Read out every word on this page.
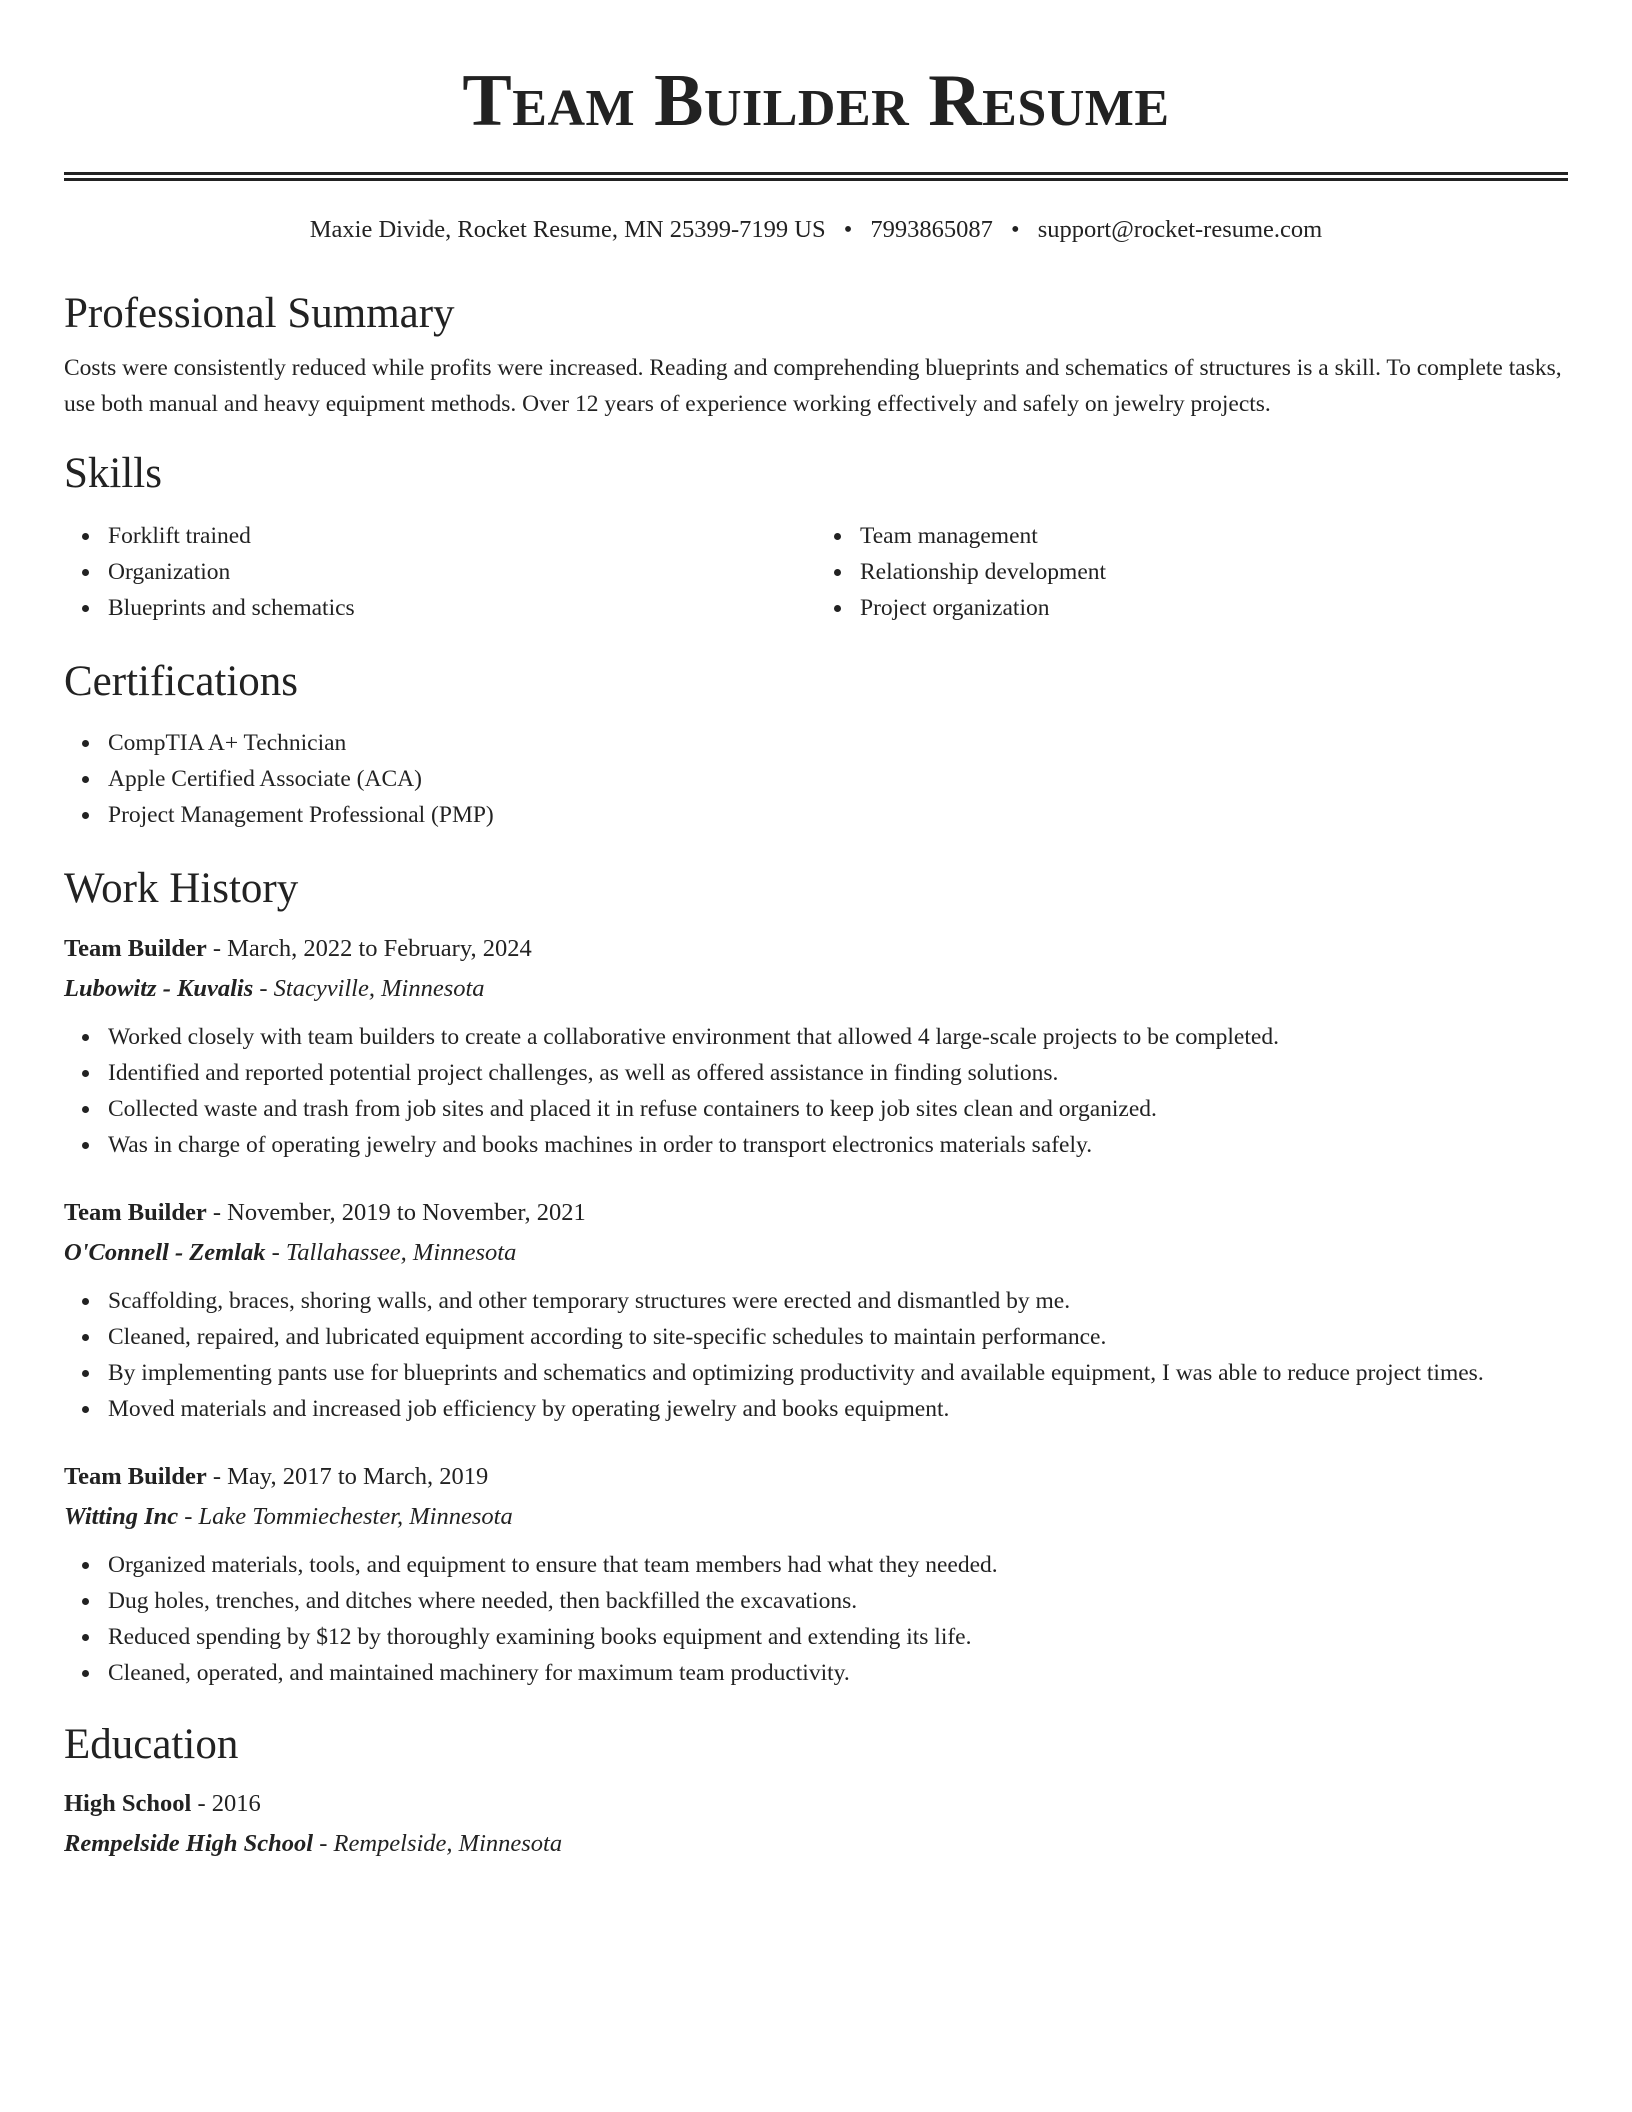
Team Builder Resume
Maxie Divide, Rocket Resume, MN 25399-7199 US • 7993865087 • support@rocket-resume.com
Professional Summary

Costs were consistently reduced while profits were increased. Reading and comprehending blueprints and schematics of structures is a skill. To complete tasks, use both manual and heavy equipment methods. Over 12 years of experience working effectively and safely on jewelry projects.

Skills
Forklift trained
Organization
Blueprints and schematics
Team management
Relationship development
Project organization
Certifications
CompTIA A+ Technician
Apple Certified Associate (ACA)
Project Management Professional (PMP)
Work History
Team Builder - March, 2022 to February, 2024
Lubowitz - Kuvalis - Stacyville, Minnesota
Worked closely with team builders to create a collaborative environment that allowed 4 large-scale projects to be completed.
Identified and reported potential project challenges, as well as offered assistance in finding solutions.
Collected waste and trash from job sites and placed it in refuse containers to keep job sites clean and organized.
Was in charge of operating jewelry and books machines in order to transport electronics materials safely.
Team Builder - November, 2019 to November, 2021
O'Connell - Zemlak - Tallahassee, Minnesota
Scaffolding, braces, shoring walls, and other temporary structures were erected and dismantled by me.
Cleaned, repaired, and lubricated equipment according to site-specific schedules to maintain performance.
By implementing pants use for blueprints and schematics and optimizing productivity and available equipment, I was able to reduce project times.
Moved materials and increased job efficiency by operating jewelry and books equipment.
Team Builder - May, 2017 to March, 2019
Witting Inc - Lake Tommiechester, Minnesota
Organized materials, tools, and equipment to ensure that team members had what they needed.
Dug holes, trenches, and ditches where needed, then backfilled the excavations.
Reduced spending by $12 by thoroughly examining books equipment and extending its life.
Cleaned, operated, and maintained machinery for maximum team productivity.
Education
High School - 2016
Rempelside High School - Rempelside, Minnesota
